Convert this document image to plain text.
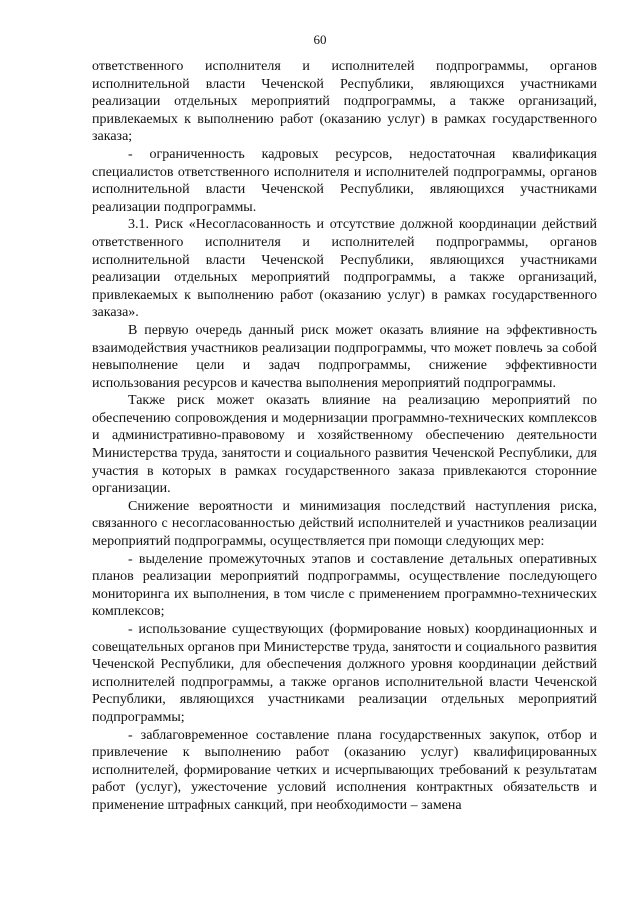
60

ответственного исполнителя и исполнителей подпрограммы, органов исполнительной власти Чеченской Республики, являющихся участниками реализации отдельных мероприятий подпрограммы, а также организаций, привлекаемых к выполнению работ (оказанию услуг) в рамках государственного заказа;

- ограниченность кадровых ресурсов, недостаточная квалификация специалистов ответственного исполнителя и исполнителей подпрограммы, органов исполнительной власти Чеченской Республики, являющихся участниками реализации подпрограммы.

3.1. Риск «Несогласованность и отсутствие должной координации действий ответственного исполнителя и исполнителей подпрограммы, органов исполнительной власти Чеченской Республики, являющихся участниками реализации отдельных мероприятий подпрограммы, а также организаций, привлекаемых к выполнению работ (оказанию услуг) в рамках государственного заказа».

В первую очередь данный риск может оказать влияние на эффективность взаимодействия участников реализации подпрограммы, что может повлечь за собой невыполнение цели и задач подпрограммы, снижение эффективности использования ресурсов и качества выполнения мероприятий подпрограммы.

Также риск может оказать влияние на реализацию мероприятий по обеспечению сопровождения и модернизации программно-технических комплексов и административно-правовому и хозяйственному обеспечению деятельности Министерства труда, занятости и социального развития Чеченской Республики, для участия в которых в рамках государственного заказа привлекаются сторонние организации.

Снижение вероятности и минимизация последствий наступления риска, связанного с несогласованностью действий исполнителей и участников реализации мероприятий подпрограммы, осуществляется при помощи следующих мер:

- выделение промежуточных этапов и составление детальных оперативных планов реализации мероприятий подпрограммы, осуществление последующего мониторинга их выполнения, в том числе с применением программно-технических комплексов;

- использование существующих (формирование новых) координационных и совещательных органов при Министерстве труда, занятости и социального развития Чеченской Республики, для обеспечения должного уровня координации действий исполнителей подпрограммы, а также органов исполнительной власти Чеченской Республики, являющихся участниками реализации отдельных мероприятий подпрограммы;

- заблаговременное составление плана государственных закупок, отбор и привлечение к выполнению работ (оказанию услуг) квалифицированных исполнителей, формирование четких и исчерпывающих требований к результатам работ (услуг), ужесточение условий исполнения контрактных обязательств и применение штрафных санкций, при необходимости – замена
